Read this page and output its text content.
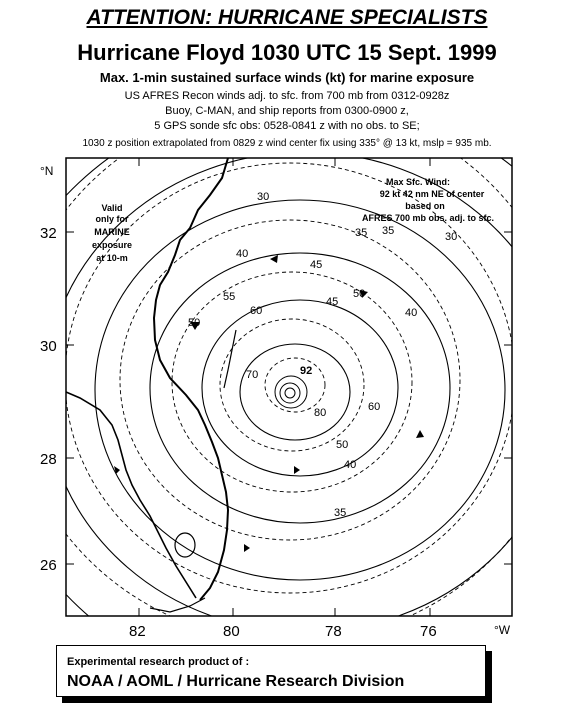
ATTENTION: HURRICANE SPECIALISTS
Hurricane Floyd 1030 UTC 15 Sept. 1999
Max. 1-min sustained surface winds (kt) for marine exposure
US AFRES Recon winds adj. to sfc. from 700 mb from 0312-0928z
Buoy, C-MAN, and ship reports from 0300-0900 z,
5 GPS sonde sfc obs: 0528-0841 z with no obs. to SE;
1030 z position extrapolated from 0829 z wind center fix using 335° @ 13 kt, mslp = 935 mb.
32
30
28
26
82	80	78	76
°N
°W
Valid
only for
MARINE
exposure
at 10-m
Max Sfc. Wind:
92 kt 42 nm NE of center
based on
AFRES 700 mb obs. adj. to sfc.
30
35
40
45
50
55
60
70
80
92
30
35
40
45
50
60
35
40
50
Experimental research product of :
NOAA / AOML / Hurricane Research Division
